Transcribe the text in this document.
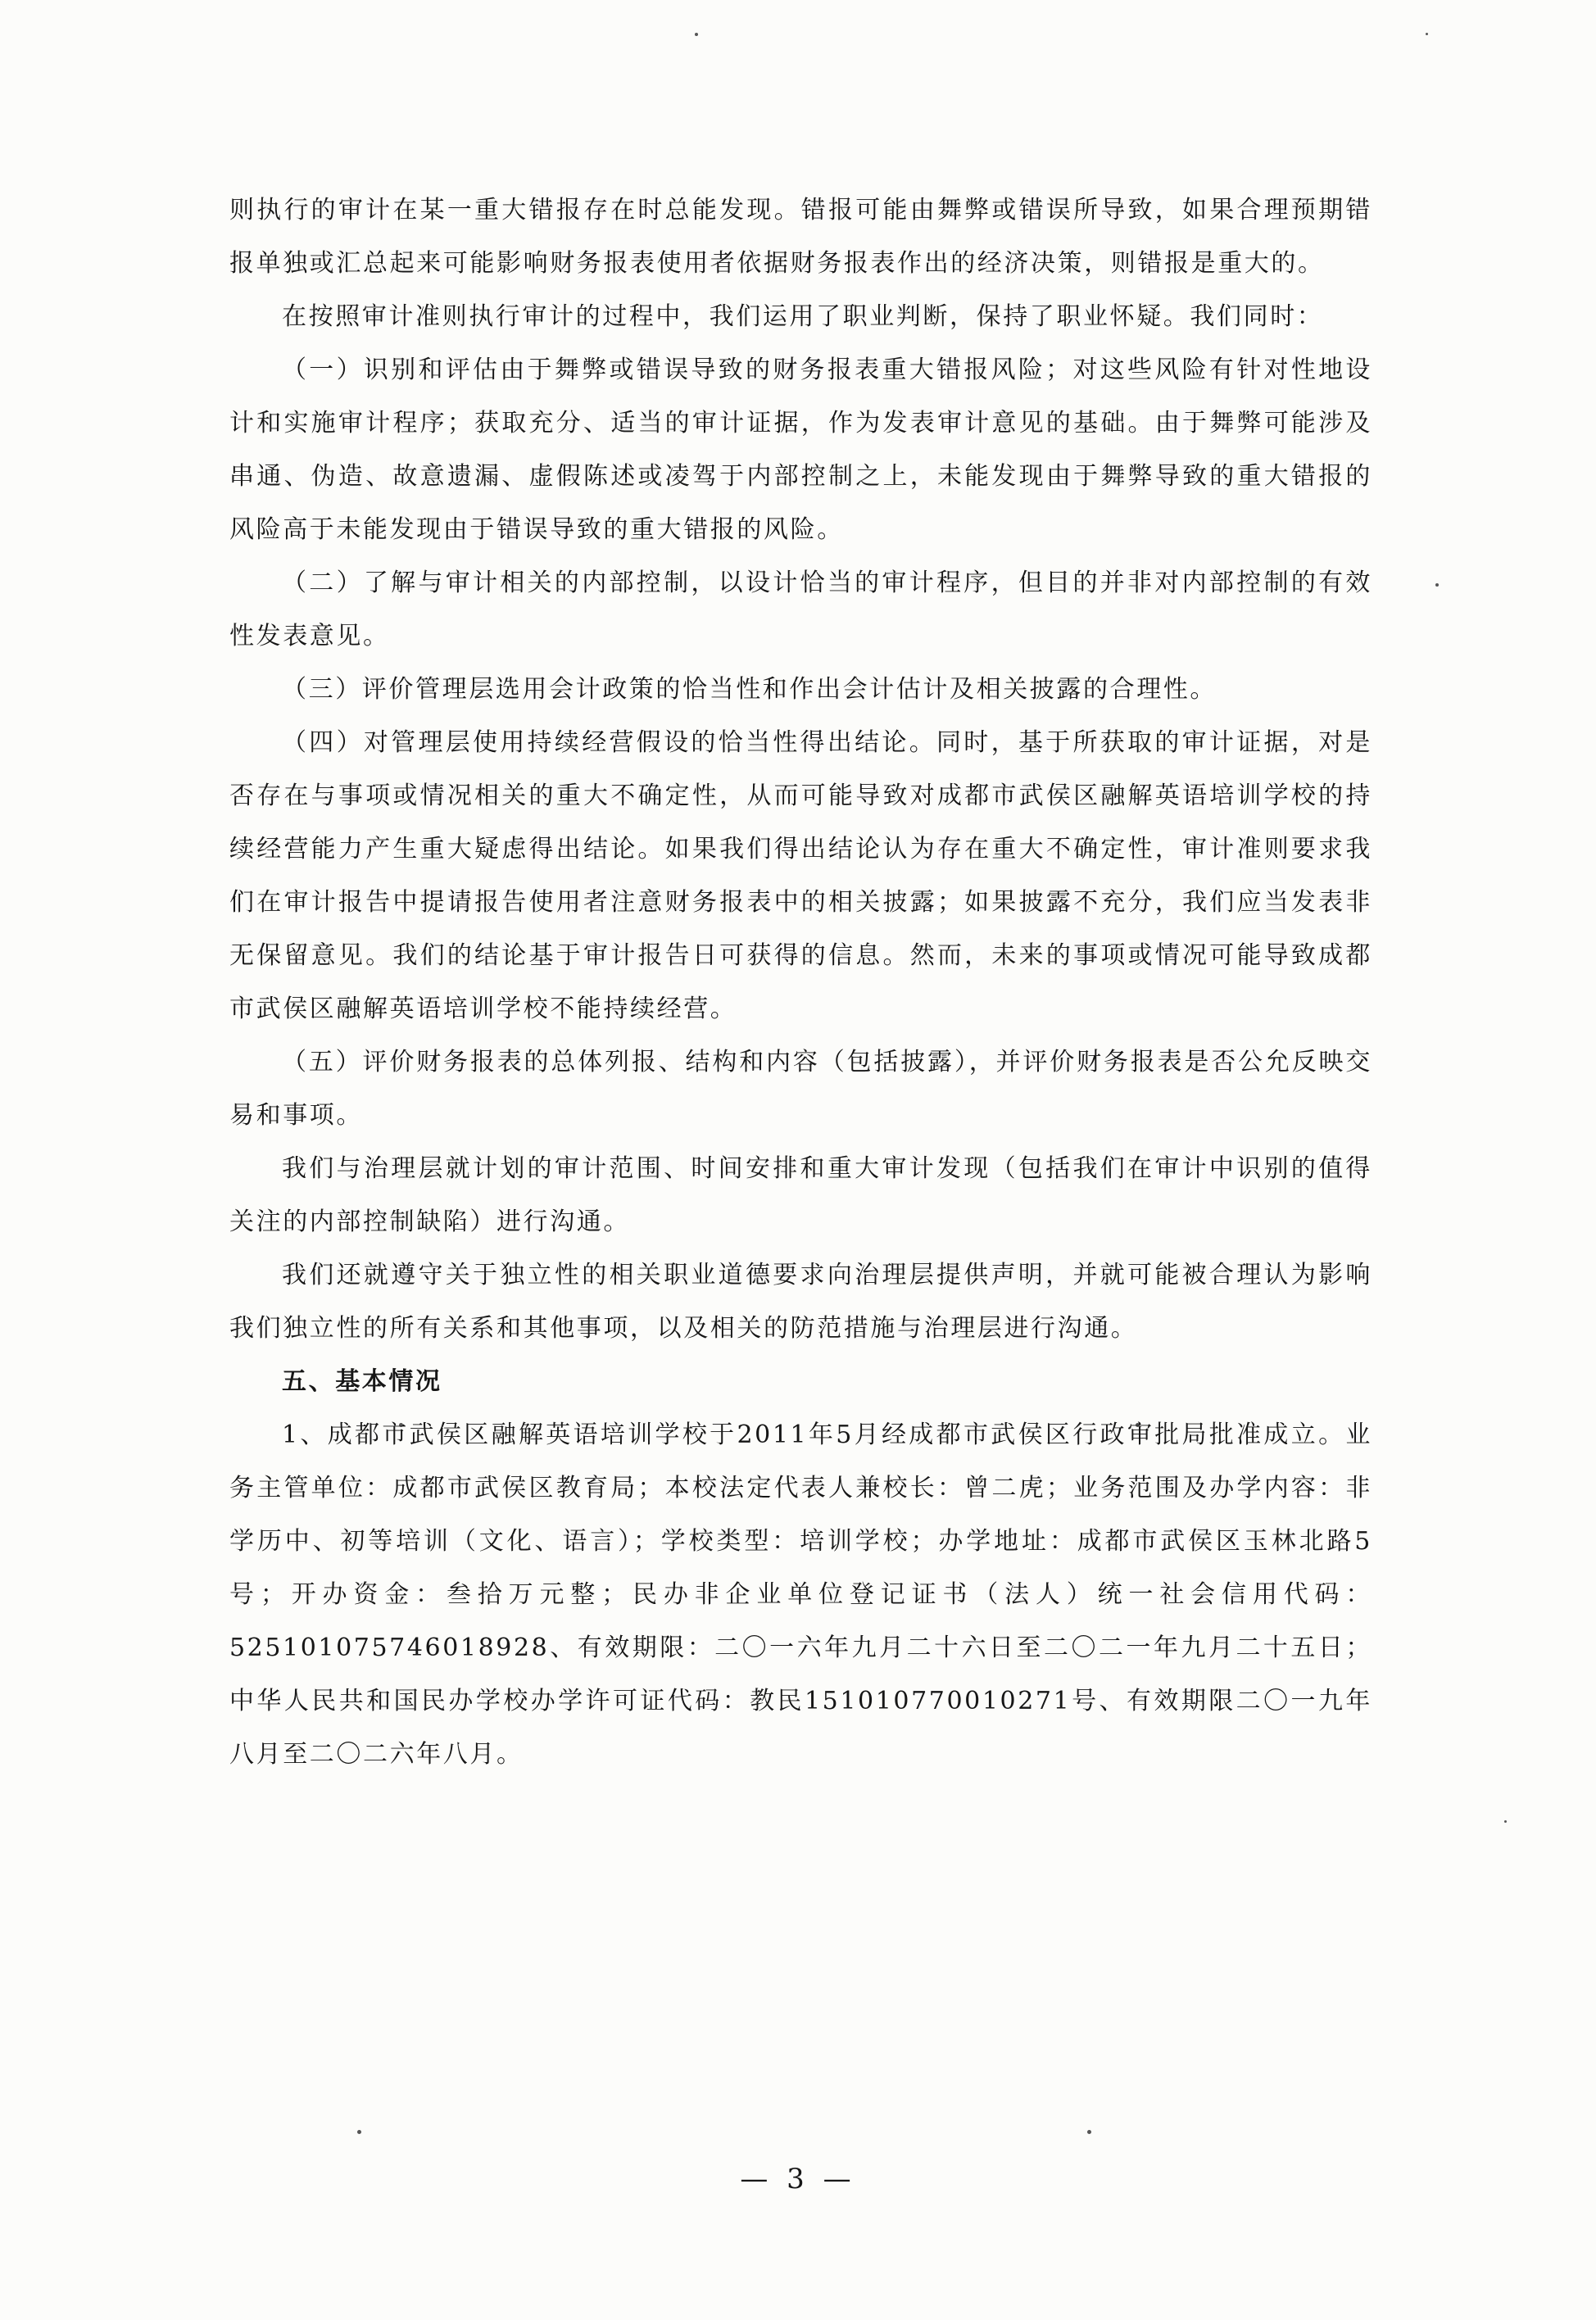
则执行的审计在某一重大错报存在时总能发现。错报可能由舞弊或错误所导致，如果合理预期错报单独或汇总起来可能影响财务报表使用者依据财务报表作出的经济决策，则错报是重大的。

在按照审计准则执行审计的过程中，我们运用了职业判断，保持了职业怀疑。我们同时：

（一）识别和评估由于舞弊或错误导致的财务报表重大错报风险；对这些风险有针对性地设计和实施审计程序；获取充分、适当的审计证据，作为发表审计意见的基础。由于舞弊可能涉及串通、伪造、故意遗漏、虚假陈述或凌驾于内部控制之上，未能发现由于舞弊导致的重大错报的风险高于未能发现由于错误导致的重大错报的风险。

（二）了解与审计相关的内部控制，以设计恰当的审计程序，但目的并非对内部控制的有效性发表意见。

（三）评价管理层选用会计政策的恰当性和作出会计估计及相关披露的合理性。

（四）对管理层使用持续经营假设的恰当性得出结论。同时，基于所获取的审计证据，对是否存在与事项或情况相关的重大不确定性，从而可能导致对成都市武侯区融解英语培训学校的持续经营能力产生重大疑虑得出结论。如果我们得出结论认为存在重大不确定性，审计准则要求我们在审计报告中提请报告使用者注意财务报表中的相关披露；如果披露不充分，我们应当发表非无保留意见。我们的结论基于审计报告日可获得的信息。然而，未来的事项或情况可能导致成都市武侯区融解英语培训学校不能持续经营。

（五）评价财务报表的总体列报、结构和内容（包括披露），并评价财务报表是否公允反映交易和事项。

我们与治理层就计划的审计范围、时间安排和重大审计发现（包括我们在审计中识别的值得关注的内部控制缺陷）进行沟通。

我们还就遵守关于独立性的相关职业道德要求向治理层提供声明，并就可能被合理认为影响我们独立性的所有关系和其他事项，以及相关的防范措施与治理层进行沟通。

五、基本情况

1、成都市武侯区融解英语培训学校于2011年5月经成都市武侯区行政审批局批准成立。业务主管单位：成都市武侯区教育局；本校法定代表人兼校长：曾二虎；业务范围及办学内容：非学历中、初等培训（文化、语言）；学校类型：培训学校；办学地址：成都市武侯区玉林北路5号；开办资金：叁拾万元整；民办非企业单位登记证书（法人）统一社会信用代码：525101075746018928、有效期限：二〇一六年九月二十六日至二〇二一年九月二十五日；中华人民共和国民办学校办学许可证代码：教民151010770010271号、有效期限二〇一九年八月至二〇二六年八月。

— 3 —
